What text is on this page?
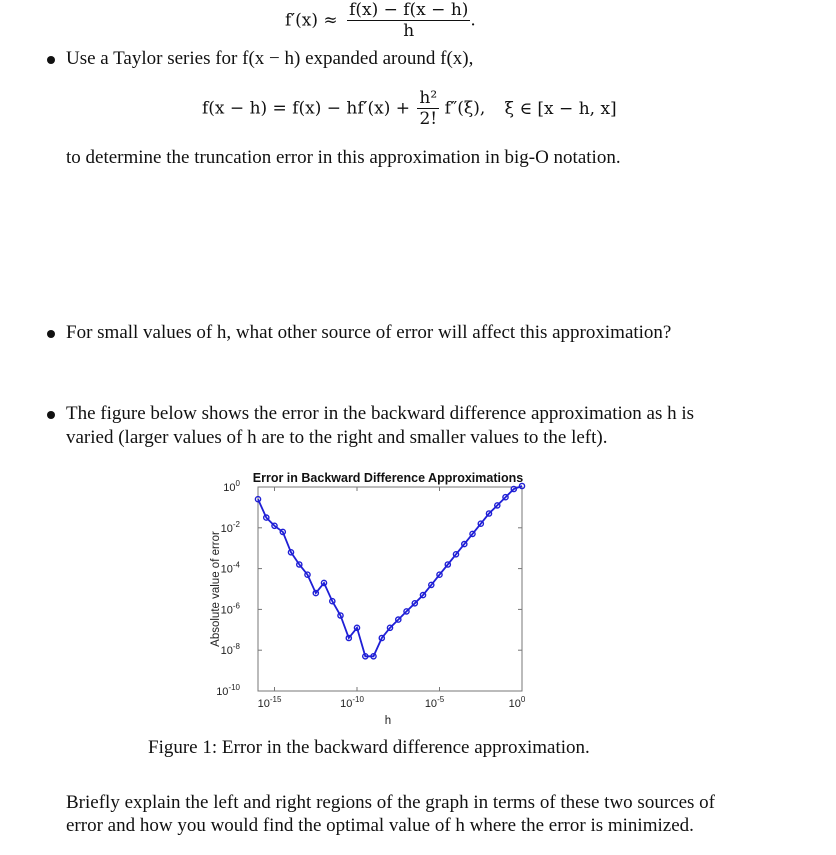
$f'(x) \approx \frac{f(x) - f(x - h)}{h}$ .
Use a Taylor series for f(x − h) expanded around f(x),
$f(x - h) = f(x) - hf'(x) + \frac{\text{h²}}{2!} f''(\xi)$, ξ ∈ [x − h, x]
to determine the truncation error in this approximation in big-O notation.
For small values of h, what other source of error will affect this approximation?
The figure below shows the error in the backward difference approximation as h is
varied (larger values of h are to the right and smaller values to the left).
Error in Backward Difference Approximations
Absolute value of error
h
$10^{-15}$	$10^{-10}$	$10^{-5}$	$10^0$
$10^0$
$10^{-2}$
$10^{-4}$
$10^{-6}$
$10^{-8}$
$10^{-10}$
Figure 1: Error in the backward difference approximation.
Briefly explain the left and right regions of the graph in terms of these two sources of
error and how you would find the optimal value of h where the error is minimized.
